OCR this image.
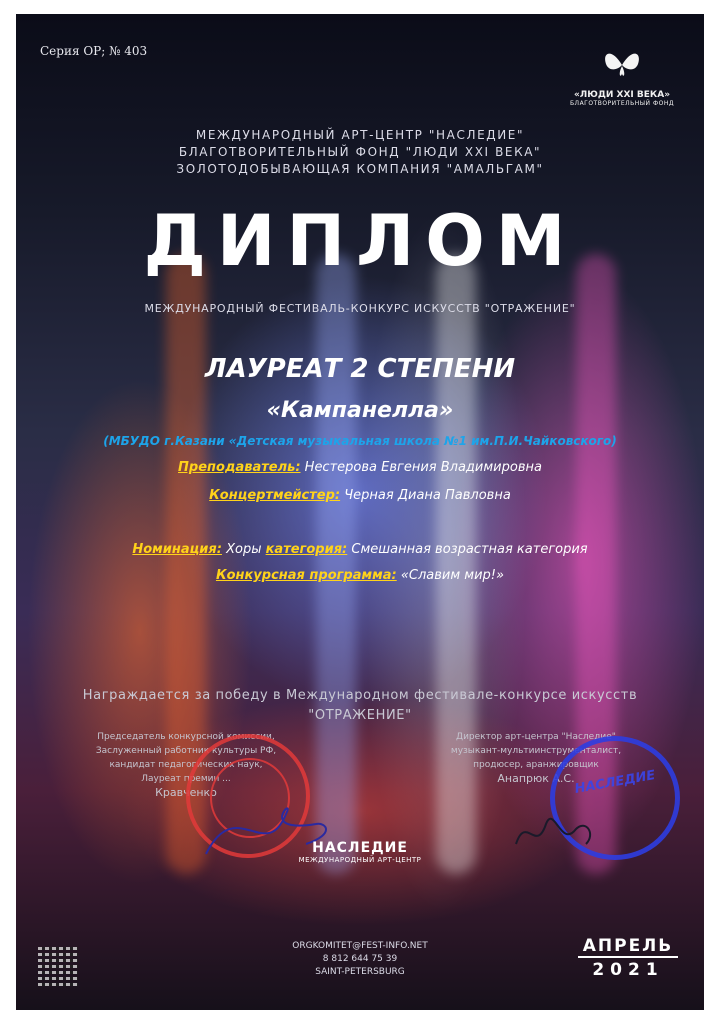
Серия ОР; № 403
«ЛЮДИ XXI ВЕКА»
БЛАГОТВОРИТЕЛЬНЫЙ ФОНД
МЕЖДУНАРОДНЫЙ АРТ-ЦЕНТР "НАСЛЕДИЕ"
БЛАГОТВОРИТЕЛЬНЫЙ ФОНД "ЛЮДИ XXI ВЕКА"
ЗОЛОТОДОБЫВАЮЩАЯ КОМПАНИЯ "АМАЛЬГАМ"
ДИПЛОМ
МЕЖДУНАРОДНЫЙ ФЕСТИВАЛЬ-КОНКУРС ИСКУССТВ "ОТРАЖЕНИЕ"
ЛАУРЕАТ 2 СТЕПЕНИ
«Кампанелла»
(МБУДО г.Казани «Детская музыкальная школа №1 им.П.И.Чайковского)
Преподаватель: Нестерова Евгения Владимировна
Концертмейстер: Черная Диана Павловна
Номинация: Хоры категория: Смешанная возрастная категория
Конкурсная программа: «Славим мир!»
Награждается за победу в Международном фестивале-конкурсе искусств
"ОТРАЖЕНИЕ"
Председатель конкурсной комиссии,
Заслуженный работник культуры РФ,
кандидат педагогических наук,
Лауреат премии ...
Кравченко
Директор арт-центра "Наследие"
музыкант-мультиинструменталист,
продюсер, аранжировщик
Анапрюк А.С.
НАСЛЕДИЕ
НАСЛЕДИЕ
МЕЖДУНАРОДНЫЙ АРТ-ЦЕНТР
ORGKOMITET@FEST-INFO.NET
8 812 644 75 39
SAINT-PETERSBURG
АПРЕЛЬ
2021
